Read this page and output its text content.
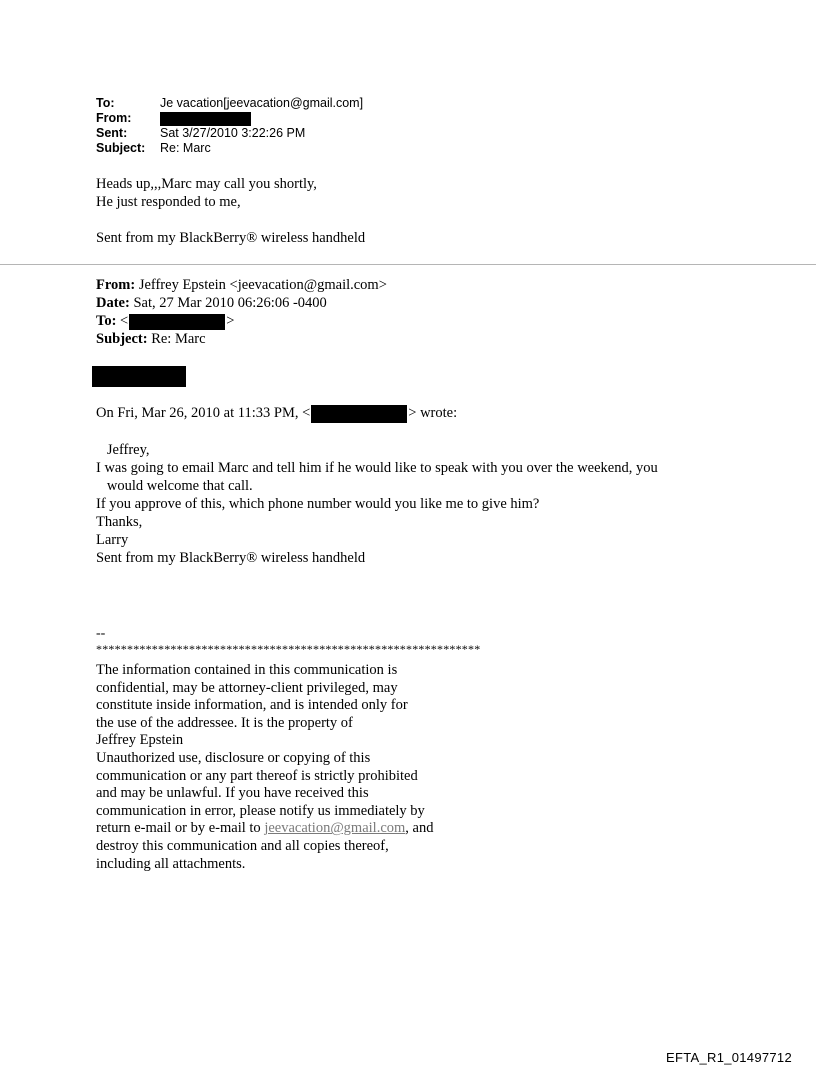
To:	Je vacation[jeevacation@gmail.com]
From:
Sent:	Sat 3/27/2010 3:22:26 PM
Subject:	Re: Marc
Heads up,,,Marc may call you shortly,
He just responded to me,
Sent from my BlackBerry® wireless handheld
From: Jeffrey Epstein <jeevacation@gmail.com>
Date: Sat, 27 Mar 2010 06:26:06 -0400
To: <	>
Subject: Re: Marc
On Fri, Mar 26, 2010 at 11:33 PM, <	> wrote:
Jeffrey,
I was going to email Marc and tell him if he would like to speak with you over the weekend, you
would welcome that call.
If you approve of this, which phone number would you like me to give him?
Thanks,
Larry
Sent from my BlackBerry® wireless handheld
--
**************************************************************
The information contained in this communication is
confidential, may be attorney-client privileged, may
constitute inside information, and is intended only for
the use of the addressee. It is the property of
Jeffrey Epstein
Unauthorized use, disclosure or copying of this
communication or any part thereof is strictly prohibited
and may be unlawful. If you have received this
communication in error, please notify us immediately by
return e-mail or by e-mail to jeevacation@gmail.com, and
destroy this communication and all copies thereof,
including all attachments.
EFTA_R1_01497712
